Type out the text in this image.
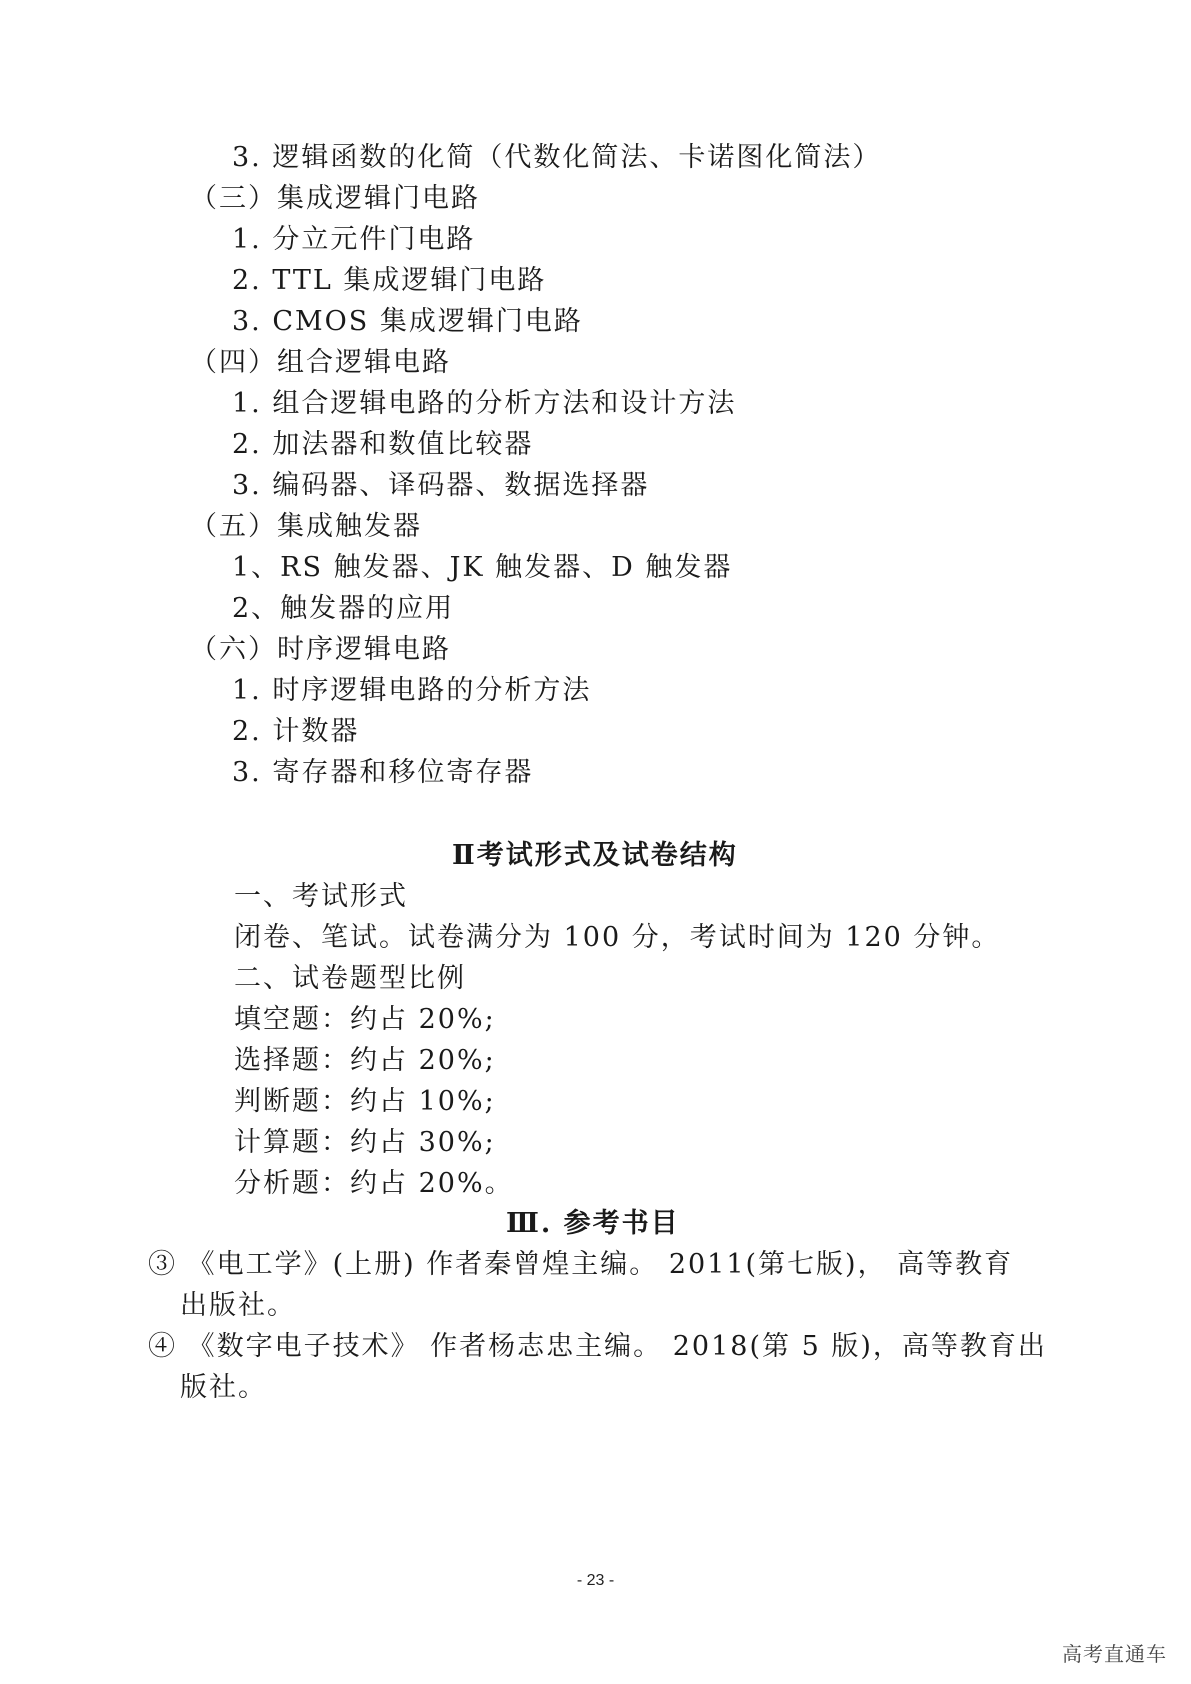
3. 逻辑函数的化简（代数化简法、卡诺图化简法）
（三）集成逻辑门电路
1. 分立元件门电路
2. TTL 集成逻辑门电路
3. CMOS 集成逻辑门电路
（四）组合逻辑电路
1. 组合逻辑电路的分析方法和设计方法
2. 加法器和数值比较器
3. 编码器、译码器、数据选择器
（五）集成触发器
1、RS 触发器、JK 触发器、D 触发器
2、触发器的应用
（六）时序逻辑电路
1. 时序逻辑电路的分析方法
2. 计数器
3. 寄存器和移位寄存器
Ⅱ考试形式及试卷结构
一、考试形式
闭卷、笔试。试卷满分为 100 分，考试时间为 120 分钟。
二、试卷题型比例
填空题：约占 20%;
选择题：约占 20%;
判断题：约占 10%;
计算题：约占 30%;
分析题：约占 20%。
Ⅲ. 参考书目
③ 《电工学》(上册) 作者秦曾煌主编。 2011(第七版)， 高等教育
出版社。
④ 《数字电子技术》 作者杨志忠主编。 2018(第 5 版)，高等教育出
版社。
- 23 -
高考直通车
